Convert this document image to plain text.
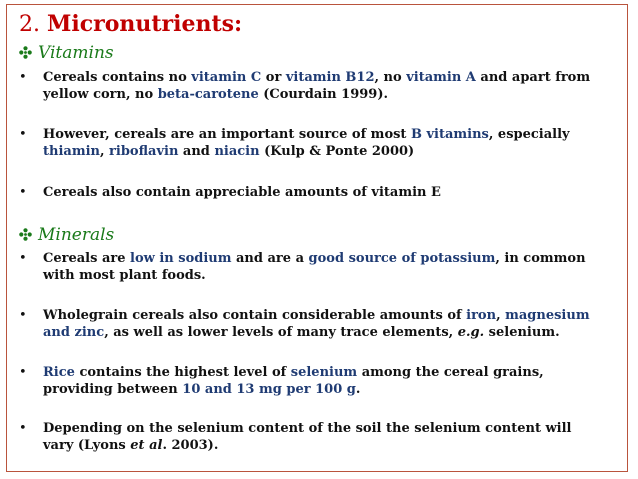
2. Micronutrients:
Vitamins
• Cereals contains no vitamin C or vitamin B12, no vitamin A and apart from
yellow corn, no beta-carotene (Courdain 1999).
• However, cereals are an important source of most B vitamins, especially
thiamin, riboflavin and niacin (Kulp & Ponte 2000)
• Cereals also contain appreciable amounts of vitamin E
Minerals
• Cereals are low in sodium and are a good source of potassium, in common
with most plant foods.
• Wholegrain cereals also contain considerable amounts of iron, magnesium
and zinc, as well as lower levels of many trace elements, e.g. selenium.
• Rice contains the highest level of selenium among the cereal grains,
providing between 10 and 13 mg per 100 g.
• Depending on the selenium content of the soil the selenium content will
vary (Lyons et al. 2003).
